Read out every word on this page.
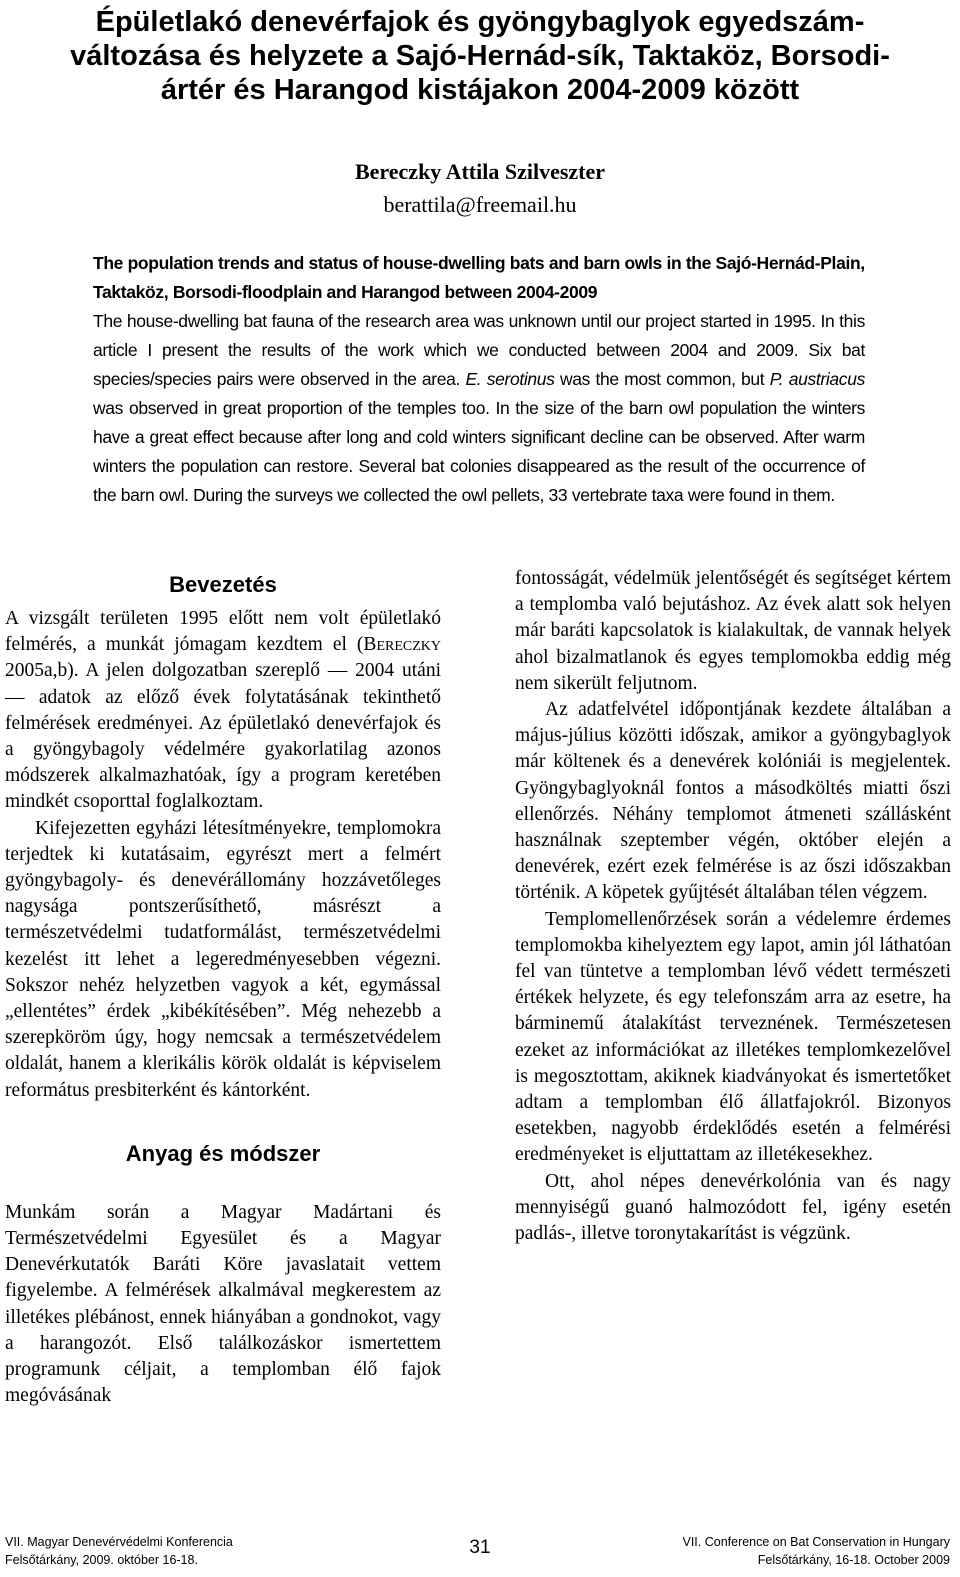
Épületlakó denevérfajok és gyöngybaglyok egyedszám-
változása és helyzete a Sajó-Hernád-sík, Taktaköz, Borsodi-
ártér és Harangod kistájakon 2004-2009 között
Bereczky Attila Szilveszter
berattila@freemail.hu

The population trends and status of house-dwelling bats and barn owls in the Sajó-Hernád-Plain, Taktaköz, Borsodi-floodplain and Harangod between 2004-2009

The house-dwelling bat fauna of the research area was unknown until our project started in 1995. In this article I present the results of the work which we conducted between 2004 and 2009. Six bat species/species pairs were observed in the area. E. serotinus was the most common, but P. austriacus was observed in great proportion of the temples too. In the size of the barn owl population the winters have a great effect because after long and cold winters significant decline can be observed. After warm winters the population can restore. Several bat colonies disappeared as the result of the occurrence of the barn owl. During the surveys we collected the owl pellets, 33 vertebrate taxa were found in them.

Bevezetés

A vizsgált területen 1995 előtt nem volt épületlakó felmérés, a munkát jómagam kezdtem el (Bereczky 2005a,b). A jelen dolgozatban szereplő — 2004 utáni — adatok az előző évek folytatásának tekinthető felmérések eredményei. Az épületlakó denevérfajok és a gyöngybagoly védelmére gyakorlatilag azonos módszerek alkalmazhatóak, így a program keretében mindkét csoporttal foglalkoztam.

Kifejezetten egyházi létesítményekre, templomokra terjedtek ki kutatásaim, egyrészt mert a felmért gyöngybagoly- és denevérállomány hozzávetőleges nagysága pontszerűsíthető, másrészt a természetvédelmi tudatformálást, természetvédelmi kezelést itt lehet a legeredményesebben végezni. Sokszor nehéz helyzetben vagyok a két, egymással „ellentétes” érdek „kibékítésében”. Még nehezebb a szerepköröm úgy, hogy nemcsak a természetvédelem oldalát, hanem a klerikális körök oldalát is képviselem református presbiterként és kántorként.

Anyag és módszer

Munkám során a Magyar Madártani és Természetvédelmi Egyesület és a Magyar Denevérkutatók Baráti Köre javaslatait vettem figyelembe. A felmérések alkalmával megkerestem az illetékes plébánost, ennek hiányában a gondnokot, vagy a harangozót. Első találkozáskor ismertettem programunk céljait, a templomban élő fajok megóvásának

fontosságát, védelmük jelentőségét és segítséget kértem a templomba való bejutáshoz. Az évek alatt sok helyen már baráti kapcsolatok is kialakultak, de vannak helyek ahol bizalmatlanok és egyes templomokba eddig még nem sikerült feljutnom.

Az adatfelvétel időpontjának kezdete általában a május-július közötti időszak, amikor a gyöngybaglyok már költenek és a denevérek kolóniái is megjelentek. Gyöngybaglyoknál fontos a másodköltés miatti őszi ellenőrzés. Néhány templomot átmeneti szállásként használnak szeptember végén, október elején a denevérek, ezért ezek felmérése is az őszi időszakban történik. A köpetek gyűjtését általában télen végzem.

Templomellenőrzések során a védelemre érdemes templomokba kihelyeztem egy lapot, amin jól láthatóan fel van tüntetve a templomban lévő védett természeti értékek helyzete, és egy telefonszám arra az esetre, ha bárminemű átalakítást terveznének. Természetesen ezeket az információkat az illetékes templomkezelővel is megosztottam, akiknek kiadványokat és ismertetőket adtam a templomban élő állatfajokról. Bizonyos esetekben, nagyobb érdeklődés esetén a felmérési eredményeket is eljuttattam az illetékesekhez.

Ott, ahol népes denevérkolónia van és nagy mennyiségű guanó halmozódott fel, igény esetén padlás-, illetve toronytakarítást is végzünk.

VII. Magyar Denevérvédelmi Konferencia
Felsőtárkány, 2009. október 16-18.
31	VII. Conference on Bat Conservation in Hungary
Felsőtárkány, 16-18. October 2009
